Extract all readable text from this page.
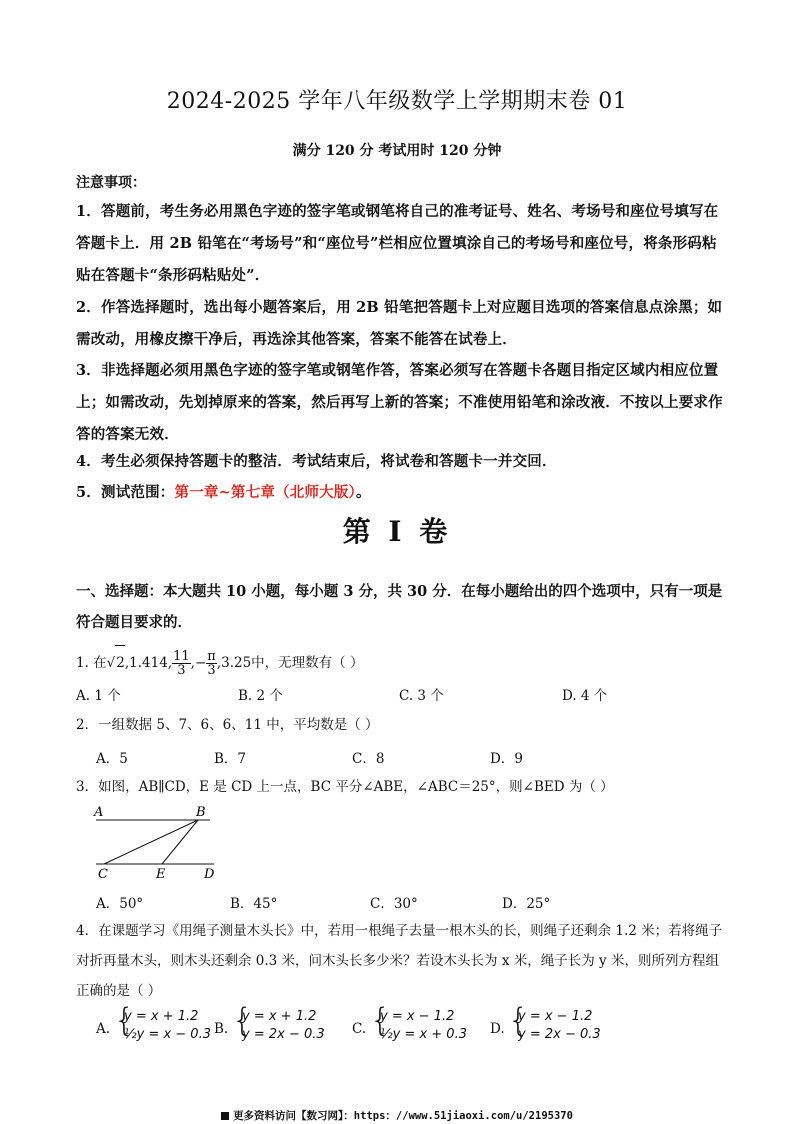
2024-2025 学年八年级数学上学期期末卷 01
满分 120 分 考试用时 120 分钟
注意事项：
1．答题前，考生务必用黑色字迹的签字笔或钢笔将自己的准考证号、姓名、考场号和座位号填写在答题卡上．用 2B 铅笔在“考场号”和“座位号”栏相应位置填涂自己的考场号和座位号，将条形码粘贴在答题卡“条形码粘贴处”．
2．作答选择题时，选出每小题答案后，用 2B 铅笔把答题卡上对应题目选项的答案信息点涂黑；如需改动，用橡皮擦干净后，再选涂其他答案，答案不能答在试卷上．
3．非选择题必须用黑色字迹的签字笔或钢笔作答，答案必须写在答题卡各题目指定区域内相应位置上；如需改动，先划掉原来的答案，然后再写上新的答案；不准使用铅笔和涂改液．不按以上要求作答的答案无效．
4．考生必须保持答题卡的整洁．考试结束后，将试卷和答题卡一并交回．
5．测试范围：第一章~第七章（北师大版）。
第 I 卷
一、选择题：本大题共 10 小题，每小题 3 分，共 30 分．在每小题给出的四个选项中，只有一项是符合题目要求的．
1. 在√2,1.414, $\frac{11}{3}$ ,− $\frac{\pi}{3} ,3.25$中，无理数有（ ）
A. 1 个	B. 2 个	C. 3 个	D. 4 个
2．一组数据 5、7、6、6、11 中，平均数是（ ）
A．5	B．7	C．8	D．9
3．如图，AB∥CD，E 是 CD 上一点，BC 平分∠ABE，∠ABC＝25°，则∠BED 为（ ）
A	B
C	E	D
A．50°	B．45°	C．30°	D．25°
4．在课题学习《用绳子测量木头长》中，若用一根绳子去量一根木头的长，则绳子还剩余 1.2 米；若将绳子对折再量木头，则木头还剩余 0.3 米，问木头长多少米？若设木头长为 x 米，绳子长为 y 米，则所列方程组正确的是（ ）
A. {
y = x + 1.2
½y = x − 0.3 B. {
y = x + 1.2
y = 2x − 0.3 C. {
y = x − 1.2
½y = x + 0.3 D. {
y = x − 1.2
y = 2x − 0.3
更多资料访问【数习网】：https：//www.51jiaoxi.com/u/2195370
